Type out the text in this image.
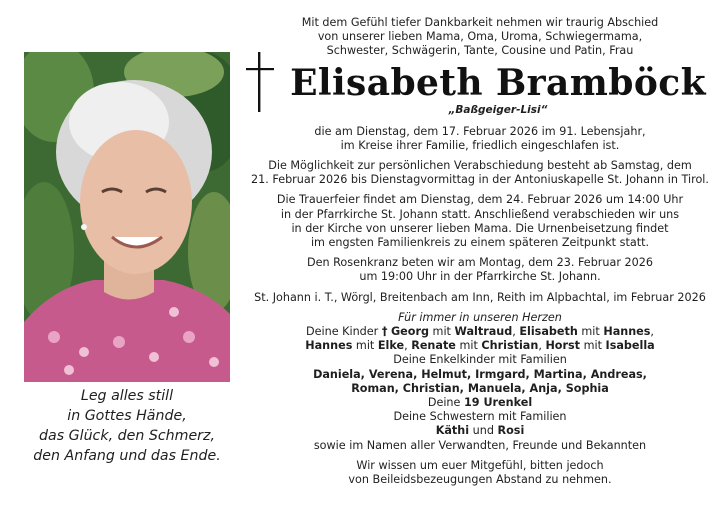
Leg alles still
in Gottes Hände,
das Glück, den Schmerz,
den Anfang und das Ende.
Mit dem Gefühl tiefer Dankbarkeit nehmen wir traurig Abschied
von unserer lieben Mama, Oma, Uroma, Schwiegermama,
Schwester, Schwägerin, Tante, Cousine und Patin, Frau
Elisabeth Bramböck
„Baßgeiger-Lisi“
die am Dienstag, dem 17. Februar 2026 im 91. Lebensjahr,
im Kreise ihrer Familie, friedlich eingeschlafen ist.
Die Möglichkeit zur persönlichen Verabschiedung besteht ab Samstag, dem
21. Februar 2026 bis Dienstagvormittag in der Antoniuskapelle St. Johann in Tirol.
Die Trauerfeier findet am Dienstag, dem 24. Februar 2026 um 14:00 Uhr
in der Pfarrkirche St. Johann statt. Anschließend verabschieden wir uns
in der Kirche von unserer lieben Mama. Die Urnenbeisetzung findet
im engsten Familienkreis zu einem späteren Zeitpunkt statt.
Den Rosenkranz beten wir am Montag, dem 23. Februar 2026
um 19:00 Uhr in der Pfarrkirche St. Johann.
St. Johann i. T., Wörgl, Breitenbach am Inn, Reith im Alpbachtal, im Februar 2026
Für immer in unseren Herzen
Deine Kinder † Georg mit Waltraud, Elisabeth mit Hannes,
Hannes mit Elke, Renate mit Christian, Horst mit Isabella
Deine Enkelkinder mit Familien
Daniela, Verena, Helmut, Irmgard, Martina, Andreas,
Roman, Christian, Manuela, Anja, Sophia
Deine 19 Urenkel
Deine Schwestern mit Familien
Käthi und Rosi
sowie im Namen aller Verwandten, Freunde und Bekannten
Wir wissen um euer Mitgefühl, bitten jedoch
von Beileidsbezeugungen Abstand zu nehmen.
